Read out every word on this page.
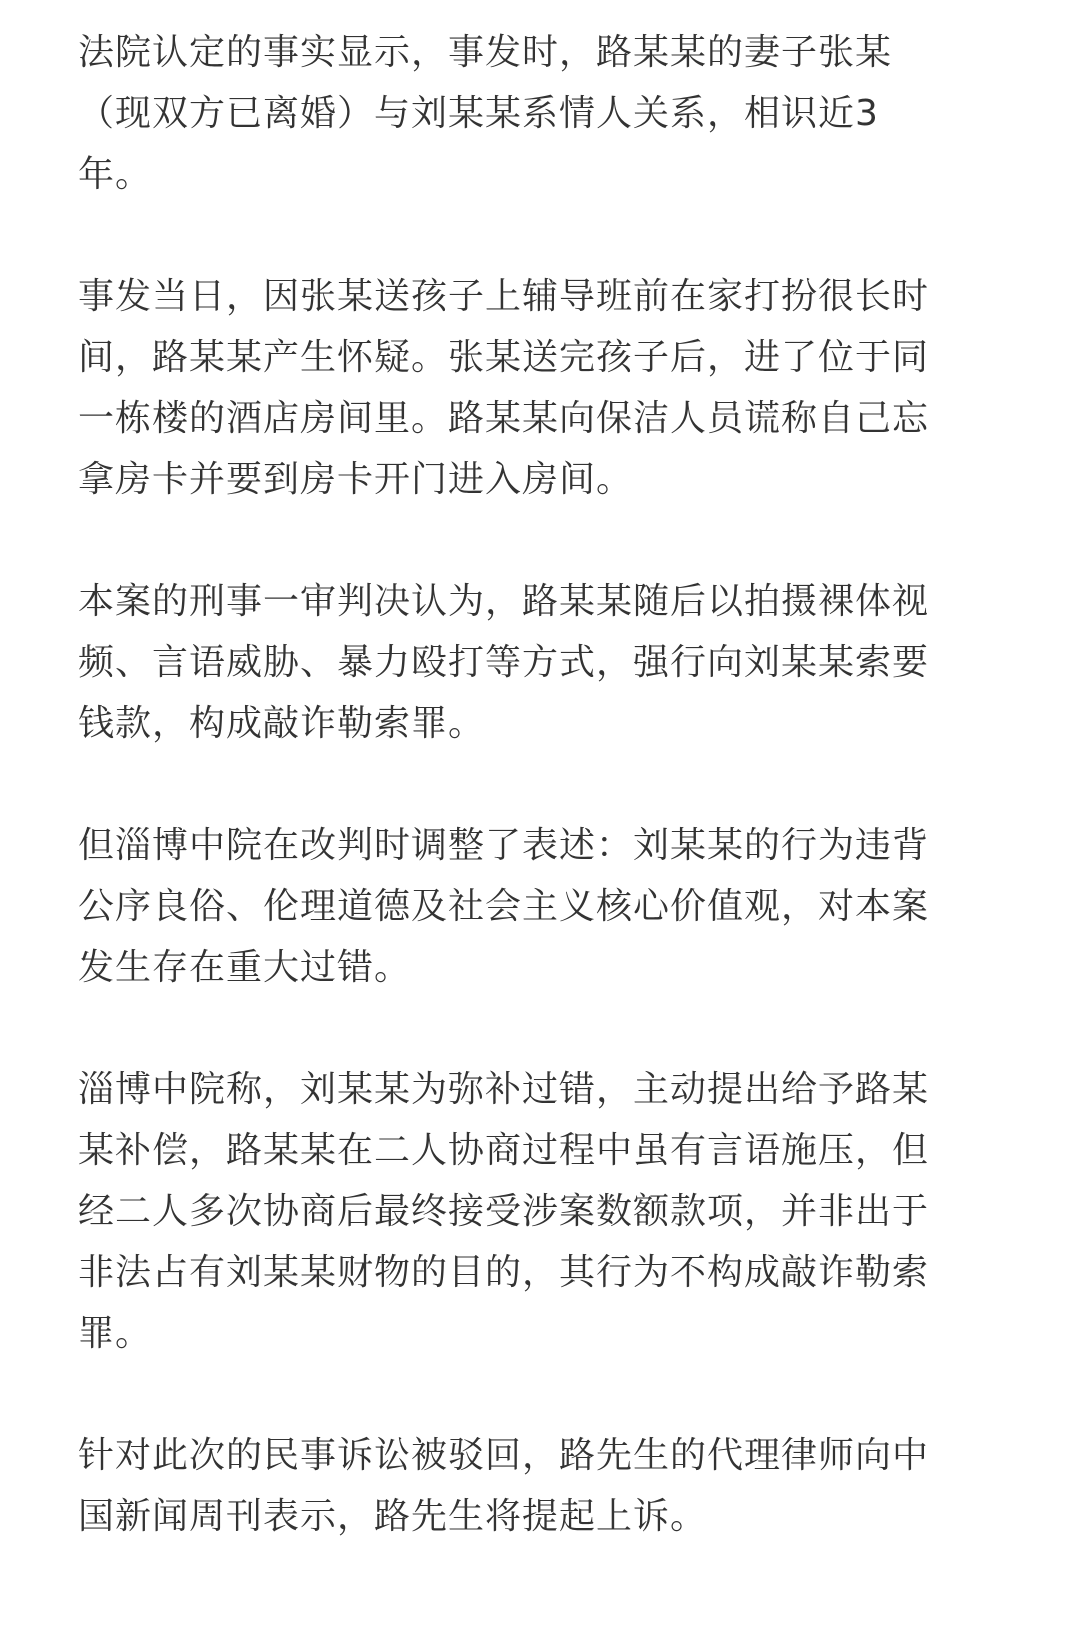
法院认定的事实显示，事发时，路某某的妻子张某
（现双方已离婚）与刘某某系情人关系，相识近3
年。

事发当日，因张某送孩子上辅导班前在家打扮很长时
间，路某某产生怀疑。张某送完孩子后，进了位于同
一栋楼的酒店房间里。路某某向保洁人员谎称自己忘
拿房卡并要到房卡开门进入房间。

本案的刑事一审判决认为，路某某随后以拍摄裸体视
频、言语威胁、暴力殴打等方式，强行向刘某某索要
钱款，构成敲诈勒索罪。

但淄博中院在改判时调整了表述：刘某某的行为违背
公序良俗、伦理道德及社会主义核心价值观，对本案
发生存在重大过错。

淄博中院称，刘某某为弥补过错，主动提出给予路某
某补偿，路某某在二人协商过程中虽有言语施压，但
经二人多次协商后最终接受涉案数额款项，并非出于
非法占有刘某某财物的目的，其行为不构成敲诈勒索
罪。

针对此次的民事诉讼被驳回，路先生的代理律师向中
国新闻周刊表示，路先生将提起上诉。
